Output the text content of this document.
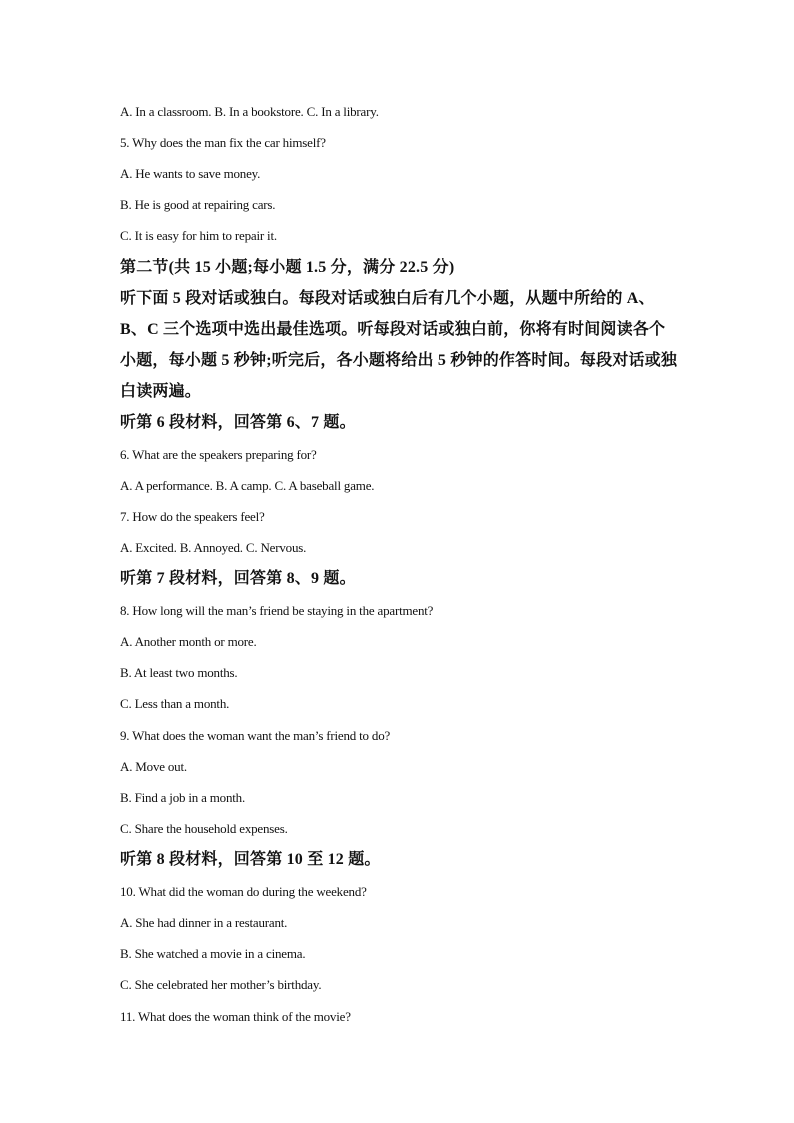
A. In a classroom. B. In a bookstore. C. In a library.
5. Why does the man fix the car himself?
A. He wants to save money.
B. He is good at repairing cars.
C. It is easy for him to repair it.
第二节(共 15 小题;每小题 1.5 分，满分 22.5 分)
听下面 5 段对话或独白。每段对话或独白后有几个小题，从题中所给的 A、B、C 三个选项中选出最佳选项。听每段对话或独白前，你将有时间阅读各个小题，每小题 5 秒钟;听完后，各小题将给出 5 秒钟的作答时间。每段对话或独白读两遍。
听第 6 段材料，回答第 6、7 题。
6. What are the speakers preparing for?
A. A performance. B. A camp. C. A baseball game.
7. How do the speakers feel?
A. Excited. B. Annoyed. C. Nervous.
听第 7 段材料，回答第 8、9 题。
8. How long will the man’s friend be staying in the apartment?
A. Another month or more.
B. At least two months.
C. Less than a month.
9. What does the woman want the man’s friend to do?
A. Move out.
B. Find a job in a month.
C. Share the household expenses.
听第 8 段材料，回答第 10 至 12 题。
10. What did the woman do during the weekend?
A. She had dinner in a restaurant.
B. She watched a movie in a cinema.
C. She celebrated her mother’s birthday.
11. What does the woman think of the movie?
